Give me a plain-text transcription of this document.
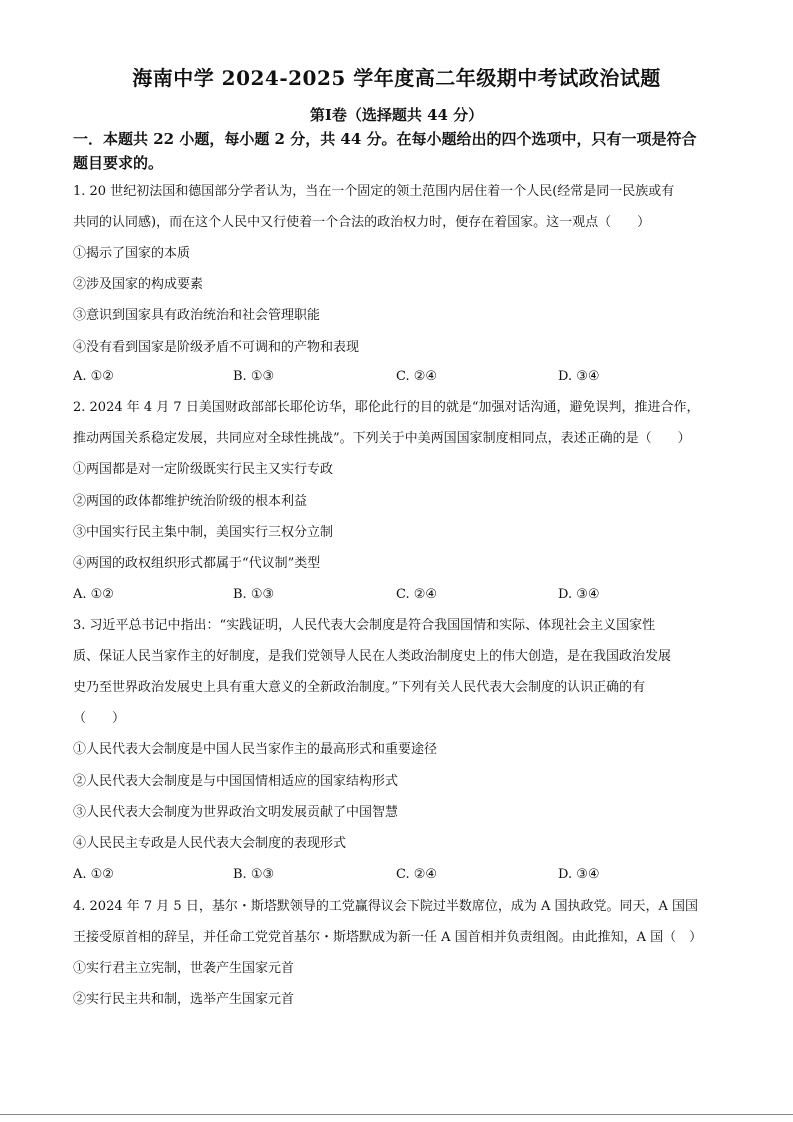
海南中学 2024-2025 学年度高二年级期中考试政治试题
第Ⅰ卷（选择题共 44 分）
一．本题共 22 小题，每小题 2 分，共 44 分。在每小题给出的四个选项中，只有一项是符合
题目要求的。
1. 20 世纪初法国和德国部分学者认为，当在一个固定的领土范围内居住着一个人民(经常是同一民族或有
共同的认同感)，而在这个人民中又行使着一个合法的政治权力时，便存在着国家。这一观点（　　）
①揭示了国家的本质
②涉及国家的构成要素
③意识到国家具有政治统治和社会管理职能
④没有看到国家是阶级矛盾不可调和的产物和表现
A. ①②	B. ①③	C. ②④	D. ③④
2. 2024 年 4 月 7 日美国财政部部长耶伦访华，耶伦此行的目的就是“加强对话沟通，避免误判，推进合作，
推动两国关系稳定发展，共同应对全球性挑战”。下列关于中美两国国家制度相同点，表述正确的是（　　）
①两国都是对一定阶级既实行民主又实行专政
②两国的政体都维护统治阶级的根本利益
③中国实行民主集中制，美国实行三权分立制
④两国的政权组织形式都属于“代议制”类型
A. ①②	B. ①③	C. ②④	D. ③④
3. 习近平总书记中指出：“实践证明，人民代表大会制度是符合我国国情和实际、体现社会主义国家性
质、保证人民当家作主的好制度，是我们党领导人民在人类政治制度史上的伟大创造，是在我国政治发展
史乃至世界政治发展史上具有重大意义的全新政治制度。”下列有关人民代表大会制度的认识正确的有
（　　）
①人民代表大会制度是中国人民当家作主的最高形式和重要途径
②人民代表大会制度是与中国国情相适应的国家结构形式
③人民代表大会制度为世界政治文明发展贡献了中国智慧
④人民民主专政是人民代表大会制度的表现形式
A. ①②	B. ①③	C. ②④	D. ③④
4. 2024 年 7 月 5 日，基尔・斯塔默领导的工党赢得议会下院过半数席位，成为 A 国执政党。同天，A 国国
王接受原首相的辞呈，并任命工党党首基尔・斯塔默成为新一任 A 国首相并负责组阁。由此推知，A 国（　）
①实行君主立宪制，世袭产生国家元首
②实行民主共和制，选举产生国家元首
